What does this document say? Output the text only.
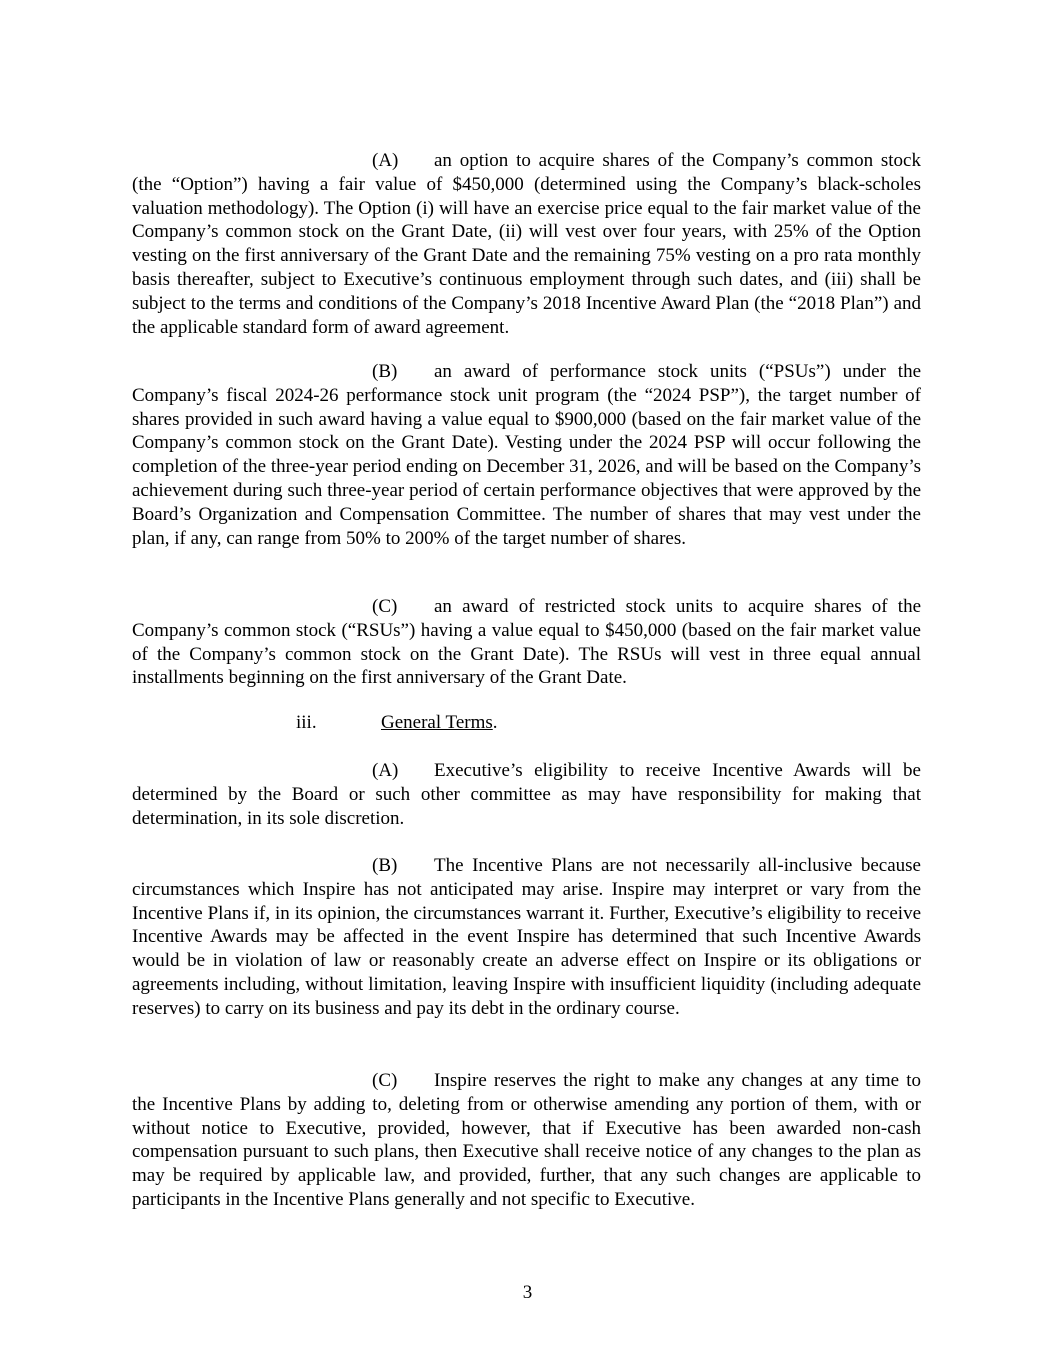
(A) an option to acquire shares of the Company’s common stock (the “Option”) having a fair value of $450,000 (determined using the Company’s black-scholes valuation methodology). The Option (i) will have an exercise price equal to the fair market value of the Company’s common stock on the Grant Date, (ii) will vest over four years, with 25% of the Option vesting on the first anniversary of the Grant Date and the remaining 75% vesting on a pro rata monthly basis thereafter, subject to Executive’s continuous employment through such dates, and (iii) shall be subject to the terms and conditions of the Company’s 2018 Incentive Award Plan (the “2018 Plan”) and the applicable standard form of award agreement.

(B) an award of performance stock units (“PSUs”) under the Company’s fiscal 2024-26 performance stock unit program (the “2024 PSP”), the target number of shares provided in such award having a value equal to $900,000 (based on the fair market value of the Company’s common stock on the Grant Date). Vesting under the 2024 PSP will occur following the completion of the three-year period ending on December 31, 2026, and will be based on the Company’s achievement during such three-year period of certain performance objectives that were approved by the Board’s Organization and Compensation Committee. The number of shares that may vest under the plan, if any, can range from 50% to 200% of the target number of shares.

(C) an award of restricted stock units to acquire shares of the Company’s common stock (“RSUs”) having a value equal to $450,000 (based on the fair market value of the Company’s common stock on the Grant Date). The RSUs will vest in three equal annual installments beginning on the first anniversary of the Grant Date.

iii.	General Terms.

(A) Executive’s eligibility to receive Incentive Awards will be determined by the Board or such other committee as may have responsibility for making that determination, in its sole discretion.

(B) The Incentive Plans are not necessarily all-inclusive because circumstances which Inspire has not anticipated may arise. Inspire may interpret or vary from the Incentive Plans if, in its opinion, the circumstances warrant it. Further, Executive’s eligibility to receive Incentive Awards may be affected in the event Inspire has determined that such Incentive Awards would be in violation of law or reasonably create an adverse effect on Inspire or its obligations or agreements including, without limitation, leaving Inspire with insufficient liquidity (including adequate reserves) to carry on its business and pay its debt in the ordinary course.

(C) Inspire reserves the right to make any changes at any time to the Incentive Plans by adding to, deleting from or otherwise amending any portion of them, with or without notice to Executive, provided, however, that if Executive has been awarded non-cash compensation pursuant to such plans, then Executive shall receive notice of any changes to the plan as may be required by applicable law, and provided, further, that any such changes are applicable to participants in the Incentive Plans generally and not specific to Executive.

3
